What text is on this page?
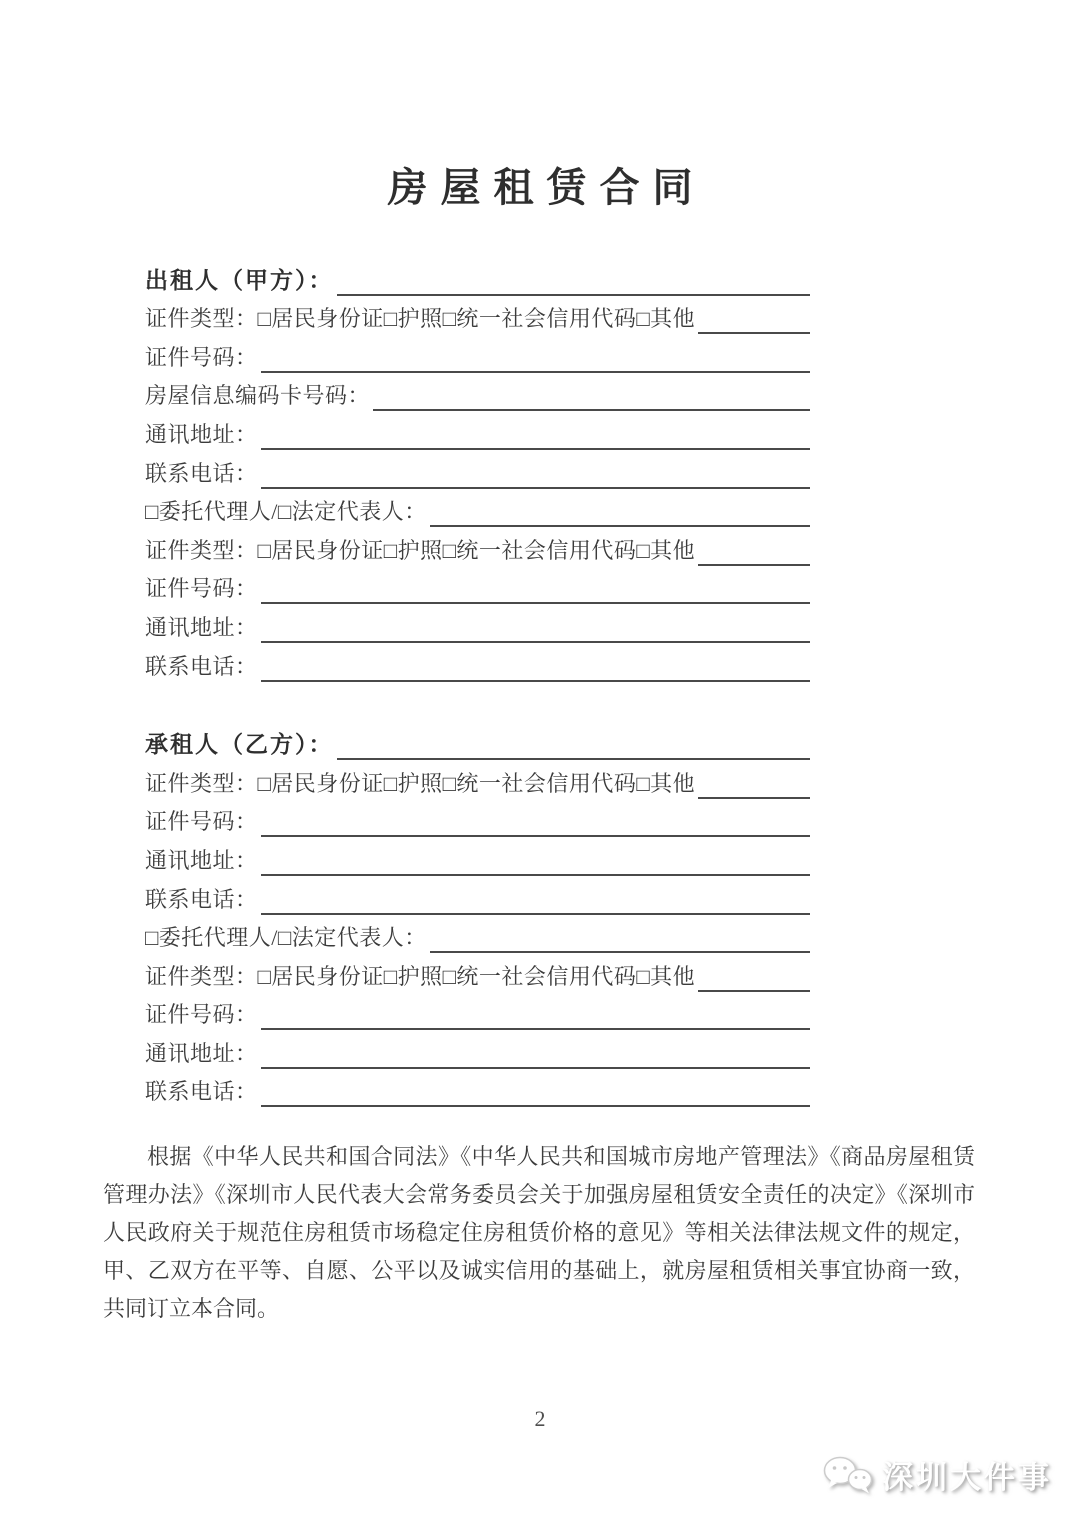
房屋租赁合同
出租人（甲方）：
证件类型： □居民身份证□护照□统一社会信用代码□其他
证件号码：
房屋信息编码卡号码：
通讯地址：
联系电话：
□委托代理人/□法定代表人：
证件类型： □居民身份证□护照□统一社会信用代码□其他
证件号码：
通讯地址：
联系电话：
承租人（乙方）：
证件类型： □居民身份证□护照□统一社会信用代码□其他
证件号码：
通讯地址：
联系电话：
□委托代理人/□法定代表人：
证件类型： □居民身份证□护照□统一社会信用代码□其他
证件号码：
通讯地址：
联系电话：

根据《中华人民共和国合同法》《中华人民共和国城市房地产管理法》《商品房屋租赁管理办法》《深圳市人民代表大会常务委员会关于加强房屋租赁安全责任的决定》《深圳市人民政府关于规范住房租赁市场稳定住房租赁价格的意见》等相关法律法规文件的规定，甲、乙双方在平等、自愿、公平以及诚实信用的基础上，就房屋租赁相关事宜协商一致，共同订立本合同。

2
深圳大件事
